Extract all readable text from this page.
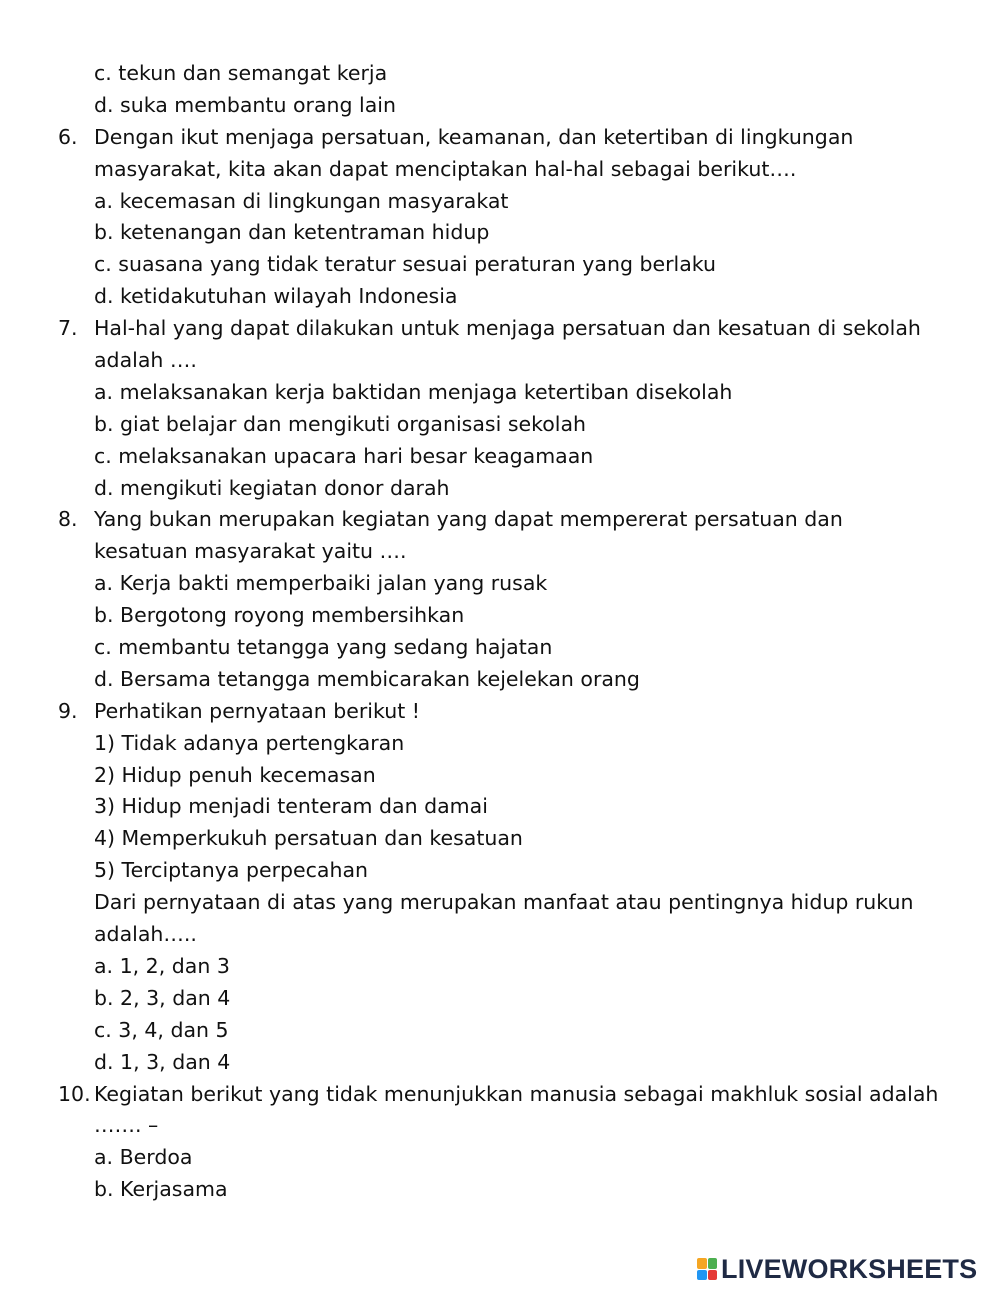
c. tekun dan semangat kerja
d. suka membantu orang lain
6. Dengan ikut menjaga persatuan, keamanan, dan ketertiban di lingkungan
masyarakat, kita akan dapat menciptakan hal-hal sebagai berikut….
a. kecemasan di lingkungan masyarakat
b. ketenangan dan ketentraman hidup
c. suasana yang tidak teratur sesuai peraturan yang berlaku
d. ketidakutuhan wilayah Indonesia
7. Hal-hal yang dapat dilakukan untuk menjaga persatuan dan kesatuan di sekolah
adalah ….
a. melaksanakan kerja baktidan menjaga ketertiban disekolah
b. giat belajar dan mengikuti organisasi sekolah
c. melaksanakan upacara hari besar keagamaan
d. mengikuti kegiatan donor darah
8. Yang bukan merupakan kegiatan yang dapat mempererat persatuan dan
kesatuan masyarakat yaitu ….
a. Kerja bakti memperbaiki jalan yang rusak
b. Bergotong royong membersihkan
c. membantu tetangga yang sedang hajatan
d. Bersama tetangga membicarakan kejelekan orang
9. Perhatikan pernyataan berikut !
1) Tidak adanya pertengkaran
2) Hidup penuh kecemasan
3) Hidup menjadi tenteram dan damai
4) Memperkukuh persatuan dan kesatuan
5) Terciptanya perpecahan
Dari pernyataan di atas yang merupakan manfaat atau pentingnya hidup rukun
adalah…..
a. 1, 2, dan 3
b. 2, 3, dan 4
c. 3, 4, dan 5
d. 1, 3, dan 4
10. Kegiatan berikut yang tidak menunjukkan manusia sebagai makhluk sosial adalah
……. –
a. Berdoa
b. Kerjasama
LIVEWORKSHEETS
